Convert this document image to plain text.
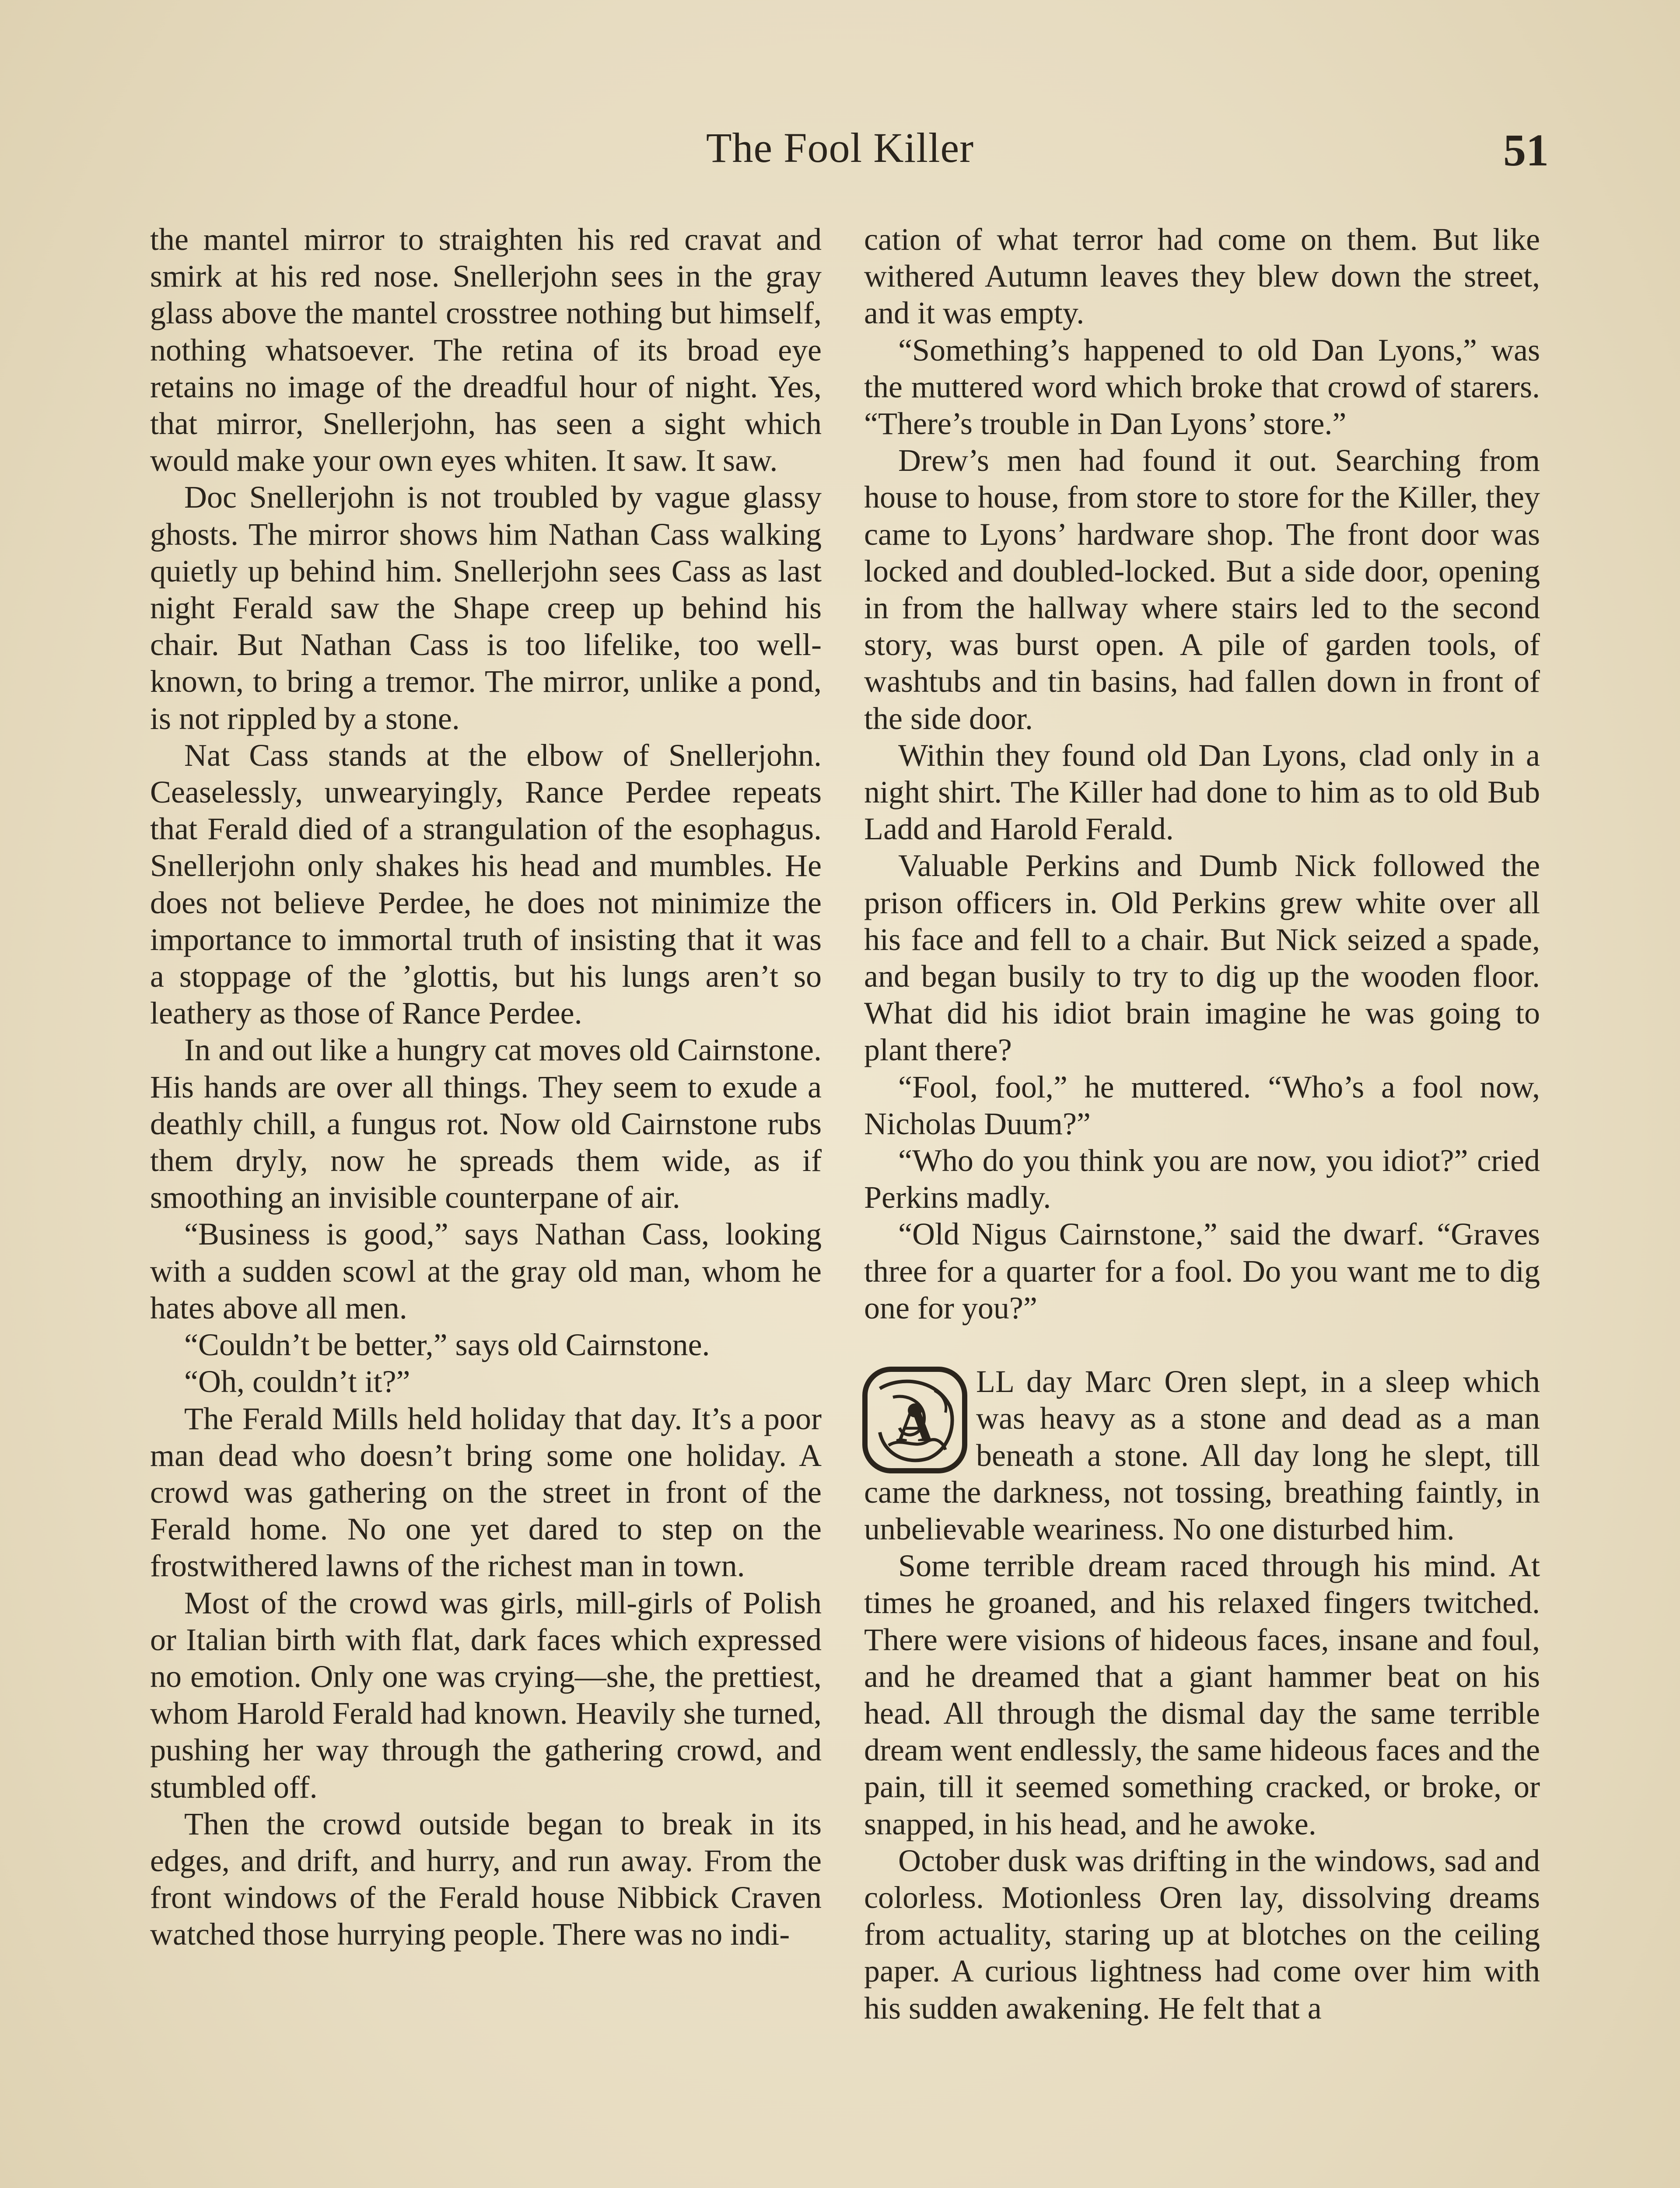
The Fool Killer	51

the mantel mirror to straighten his red cravat and smirk at his red nose. Snellerjohn sees in the gray glass above the mantel crosstree nothing but himself, nothing whatsoever. The retina of its broad eye retains no image of the dreadful hour of night. Yes, that mirror, Snellerjohn, has seen a sight which would make your own eyes whiten. It saw. It saw.

Doc Snellerjohn is not troubled by vague glassy ghosts. The mirror shows him Nathan Cass walking quietly up behind him. Snellerjohn sees Cass as last night Ferald saw the Shape creep up behind his chair. But Nathan Cass is too lifelike, too well-known, to bring a tremor. The mirror, unlike a pond, is not rippled by a stone.

Nat Cass stands at the elbow of Snellerjohn. Ceaselessly, unwearyingly, Rance Perdee repeats that Ferald died of a strangulation of the esophagus. Snellerjohn only shakes his head and mumbles. He does not believe Perdee, he does not minimize the importance to immortal truth of insisting that it was a stoppage of the ’glottis, but his lungs aren’t so leathery as those of Rance Perdee.

In and out like a hungry cat moves old Cairnstone. His hands are over all things. They seem to exude a deathly chill, a fungus rot. Now old Cairnstone rubs them dryly, now he spreads them wide, as if smoothing an invisible counterpane of air.

“Business is good,” says Nathan Cass, looking with a sudden scowl at the gray old man, whom he hates above all men.

“Couldn’t be better,” says old Cairnstone.

“Oh, couldn’t it?”

The Ferald Mills held holiday that day. It’s a poor man dead who doesn’t bring some one holiday. A crowd was gathering on the street in front of the Ferald home. No one yet dared to step on the frostwithered lawns of the richest man in town.

Most of the crowd was girls, mill-girls of Polish or Italian birth with flat, dark faces which expressed no emotion. Only one was crying—she, the prettiest, whom Harold Ferald had known. Heavily she turned, pushing her way through the gathering crowd, and stumbled off.

Then the crowd outside began to break in its edges, and drift, and hurry, and run away. From the front windows of the Ferald house Nibbick Craven watched those hurrying people. There was no indi-

cation of what terror had come on them. But like withered Autumn leaves they blew down the street, and it was empty.

“Something’s happened to old Dan Lyons,” was the muttered word which broke that crowd of starers. “There’s trouble in Dan Lyons’ store.”

Drew’s men had found it out. Searching from house to house, from store to store for the Killer, they came to Lyons’ hardware shop. The front door was locked and doubled-locked. But a side door, opening in from the hallway where stairs led to the second story, was burst open. A pile of garden tools, of washtubs and tin basins, had fallen down in front of the side door.

Within they found old Dan Lyons, clad only in a night shirt. The Killer had done to him as to old Bub Ladd and Harold Ferald.

Valuable Perkins and Dumb Nick followed the prison officers in. Old Perkins grew white over all his face and fell to a chair. But Nick seized a spade, and began busily to try to dig up the wooden floor. What did his idiot brain imagine he was going to plant there?

“Fool, fool,” he muttered. “Who’s a fool now, Nicholas Duum?”

“Who do you think you are now, you idiot?” cried Perkins madly.

“Old Nigus Cairnstone,” said the dwarf. “Graves three for a quarter for a fool. Do you want me to dig one for you?”

A
LL day Marc Oren slept, in a sleep which was heavy as a stone and dead as a man beneath a stone. All day long he slept, till came the darkness, not tossing, breathing faintly, in unbelievable weariness. No one disturbed him.

Some terrible dream raced through his mind. At times he groaned, and his relaxed fingers twitched. There were visions of hideous faces, insane and foul, and he dreamed that a giant hammer beat on his head. All through the dismal day the same terrible dream went endlessly, the same hideous faces and the pain, till it seemed something cracked, or broke, or snapped, in his head, and he awoke.

October dusk was drifting in the windows, sad and colorless. Motionless Oren lay, dissolving dreams from actuality, staring up at blotches on the ceiling paper. A curious lightness had come over him with his sudden awakening. He felt that a
